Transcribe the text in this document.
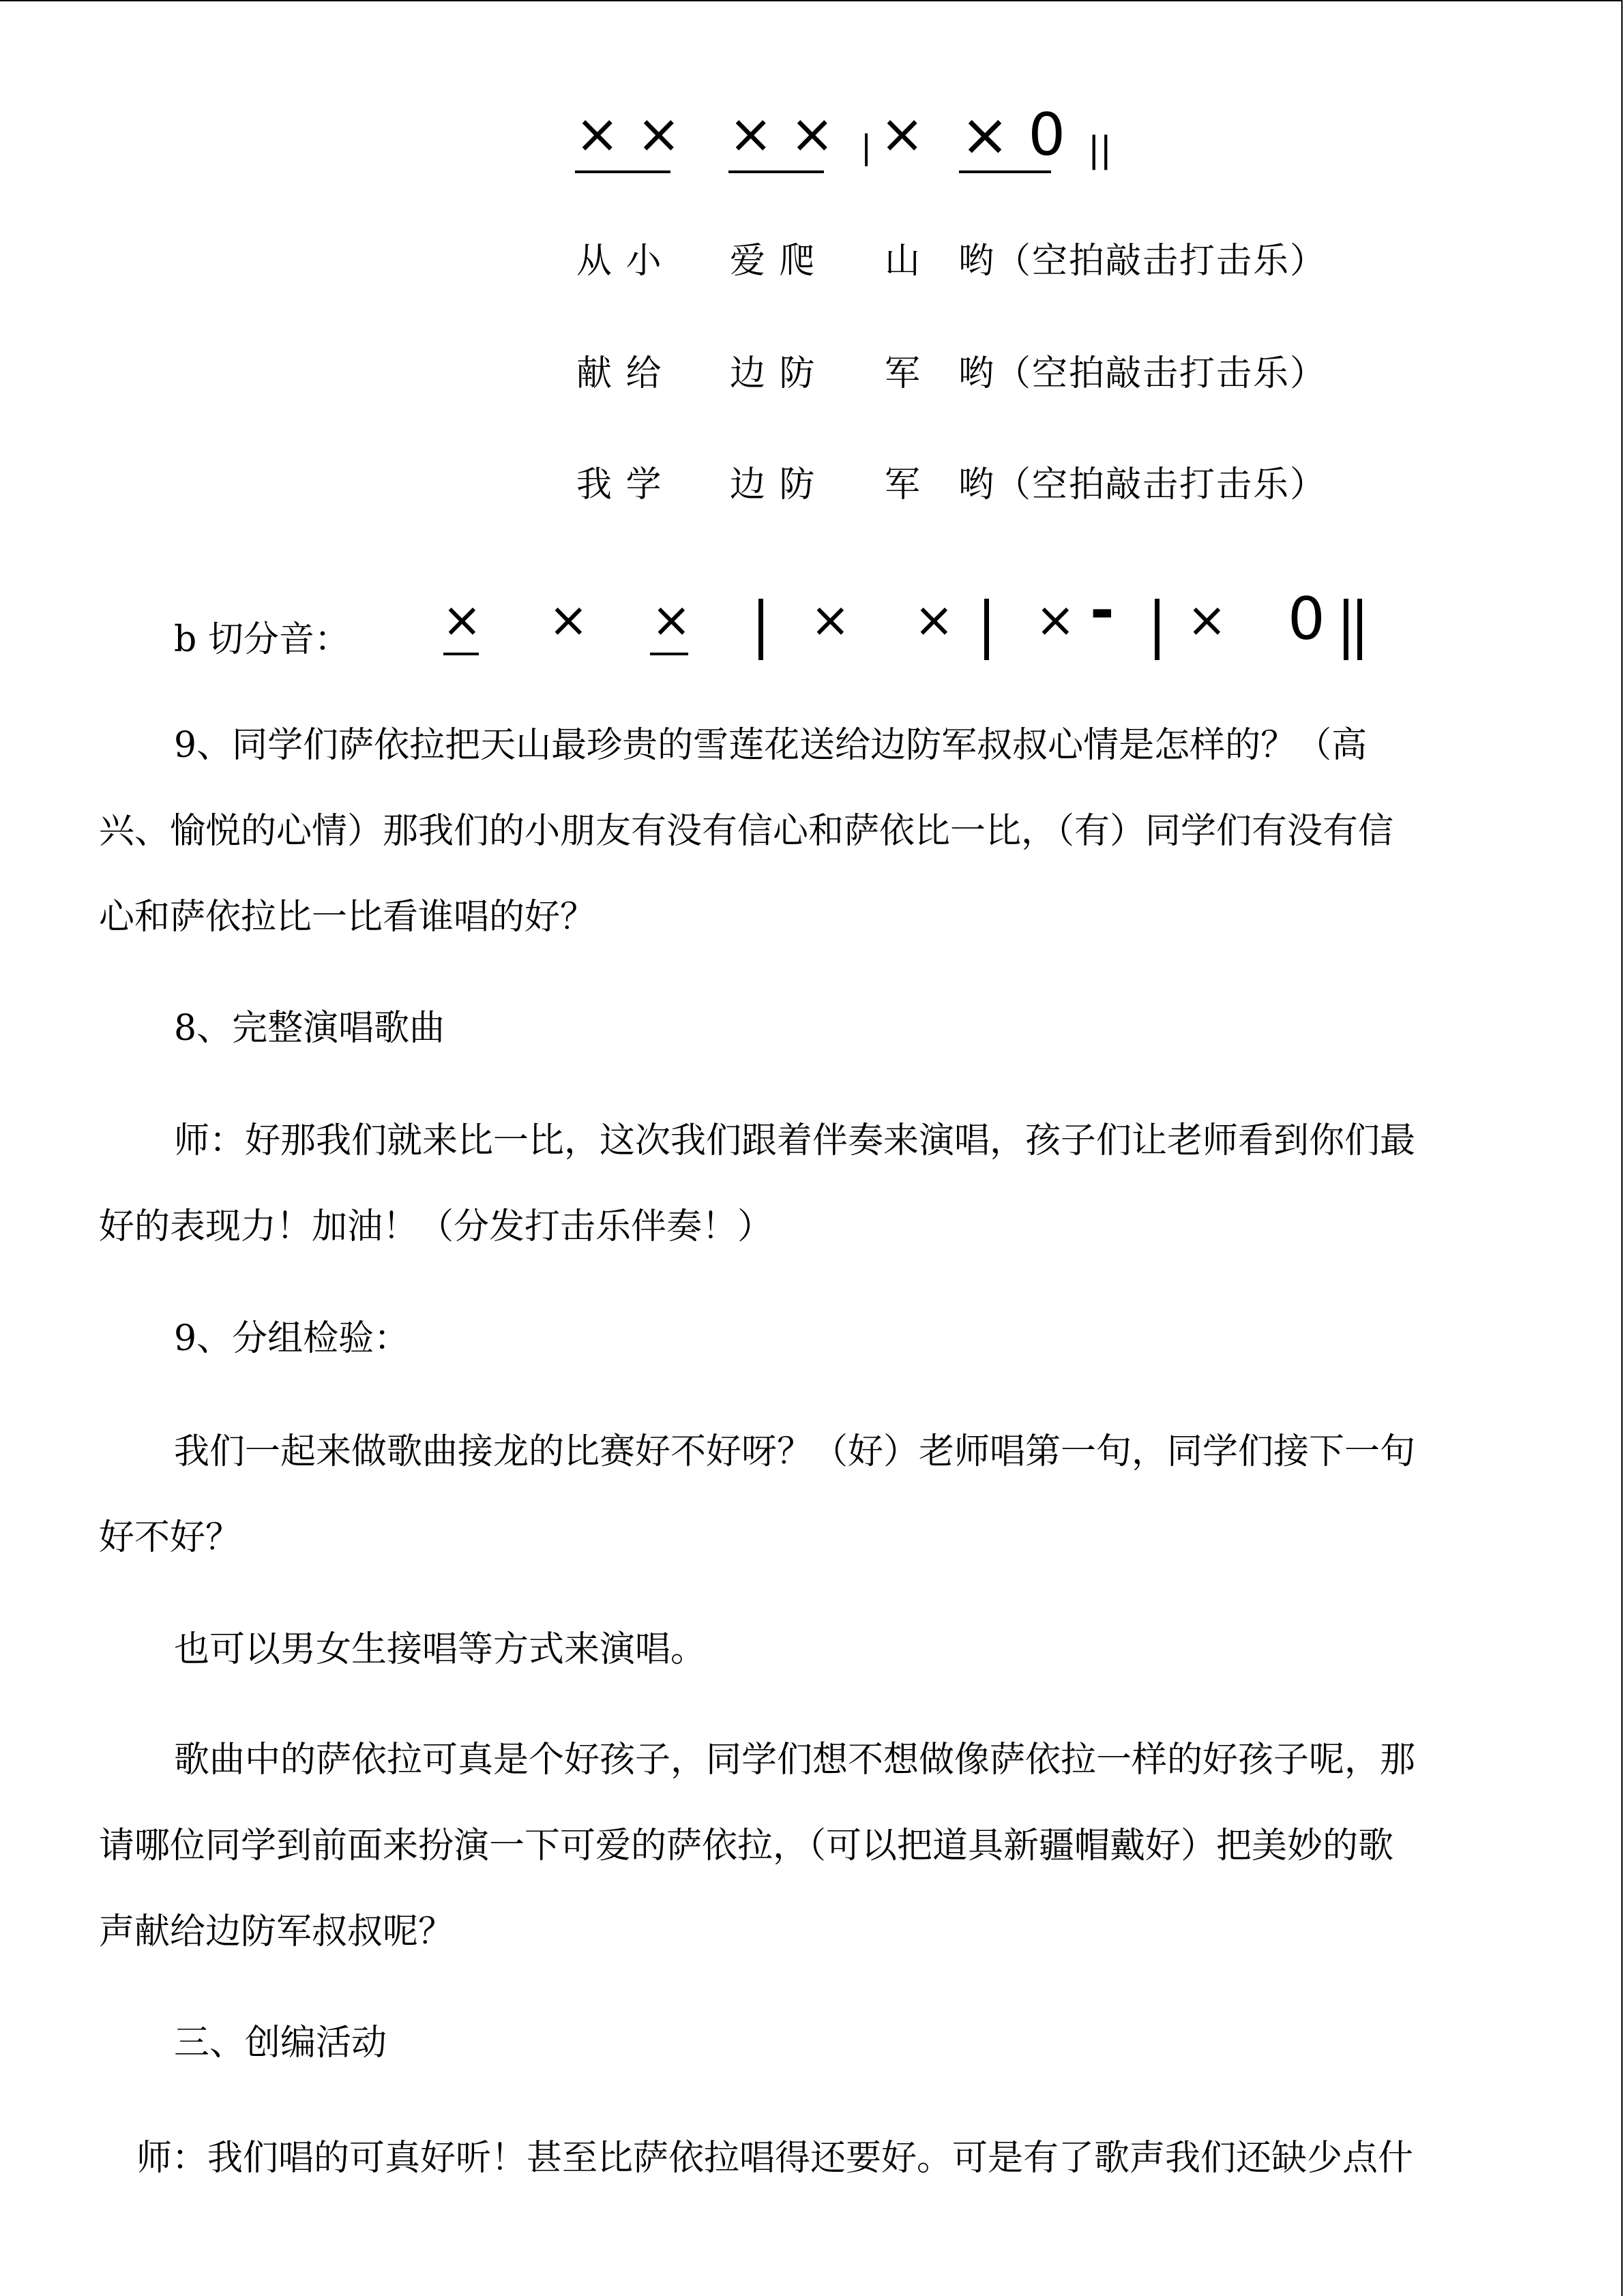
× × × × | × × 0 ||
从 小 爱 爬 山 哟（空拍敲击打击乐）
献 给 边 防 军 哟（空拍敲击打击乐）
我 学 边 防 军 哟（空拍敲击打击乐）
b 切分音： × × × × × × - × 0
9、同学们萨依拉把天山最珍贵的雪莲花送给边防军叔叔心情是怎样的？（高
兴、愉悦的心情）那我们的小朋友有没有信心和萨依比一比，（有）同学们有没有信
心和萨依拉比一比看谁唱的好？
8、完整演唱歌曲
师：好那我们就来比一比，这次我们跟着伴奏来演唱，孩子们让老师看到你们最
好的表现力！加油！（分发打击乐伴奏！）
9、分组检验：
我们一起来做歌曲接龙的比赛好不好呀？（好）老师唱第一句，同学们接下一句
好不好？
也可以男女生接唱等方式来演唱。
歌曲中的萨依拉可真是个好孩子，同学们想不想做像萨依拉一样的好孩子呢，那
请哪位同学到前面来扮演一下可爱的萨依拉，（可以把道具新疆帽戴好）把美妙的歌
声献给边防军叔叔呢？
三、创编活动
师：我们唱的可真好听！甚至比萨依拉唱得还要好。可是有了歌声我们还缺少点什
